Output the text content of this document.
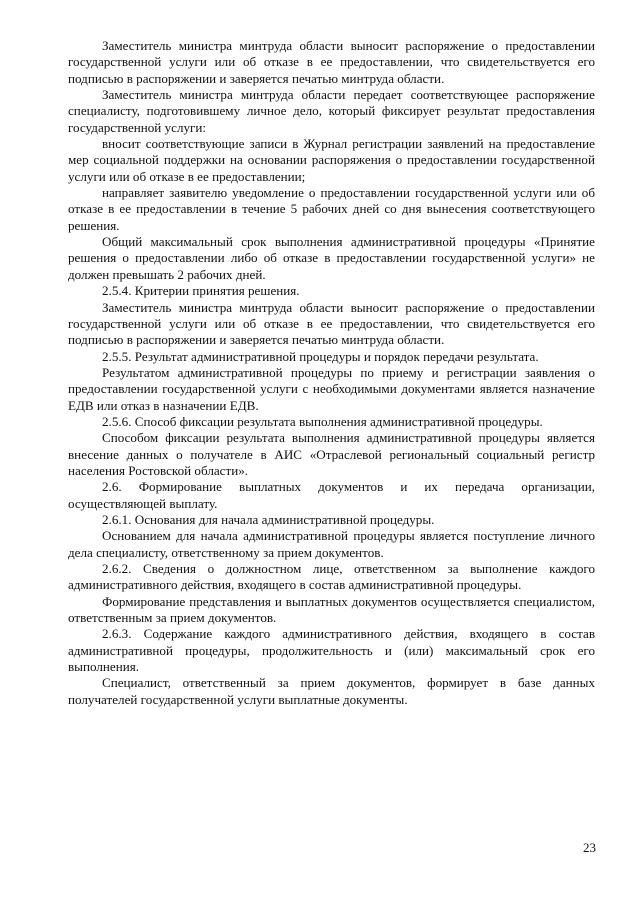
Заместитель министра минтруда области выносит распоряжение о предоставлении государственной услуги или об отказе в ее предоставлении, что свидетельствуется его подписью в распоряжении и заверяется печатью минтруда области.

Заместитель министра минтруда области передает соответствующее распоряжение специалисту, подготовившему личное дело, который фиксирует результат предоставления государственной услуги:

вносит соответствующие записи в Журнал регистрации заявлений на предоставление мер социальной поддержки на основании распоряжения о предоставлении государственной услуги или об отказе в ее предоставлении;

направляет заявителю уведомление о предоставлении государственной услуги или об отказе в ее предоставлении в течение 5 рабочих дней со дня вынесения соответствующего решения.

Общий максимальный срок выполнения административной процедуры «Принятие решения о предоставлении либо об отказе в предоставлении государственной услуги» не должен превышать 2 рабочих дней.

2.5.4. Критерии принятия решения.

Заместитель министра минтруда области выносит распоряжение о предоставлении государственной услуги или об отказе в ее предоставлении, что свидетельствуется его подписью в распоряжении и заверяется печатью минтруда области.

2.5.5. Результат административной процедуры и порядок передачи результата.

Результатом административной процедуры по приему и регистрации заявления о предоставлении государственной услуги с необходимыми документами является назначение ЕДВ или отказ в назначении ЕДВ.

2.5.6. Способ фиксации результата выполнения административной процедуры.

Способом фиксации результата выполнения административной процедуры является внесение данных о получателе в АИС «Отраслевой региональный социальный регистр населения Ростовской области».

2.6. Формирование выплатных документов и их передача организации, осуществляющей выплату.

2.6.1. Основания для начала административной процедуры.

Основанием для начала административной процедуры является поступление личного дела специалисту, ответственному за прием документов.

2.6.2. Сведения о должностном лице, ответственном за выполнение каждого административного действия, входящего в состав административной процедуры.

Формирование представления и выплатных документов осуществляется специалистом, ответственным за прием документов.

2.6.3. Содержание каждого административного действия, входящего в состав административной процедуры, продолжительность и (или) максимальный срок его выполнения.

Специалист, ответственный за прием документов, формирует в базе данных получателей государственной услуги выплатные документы.

23
